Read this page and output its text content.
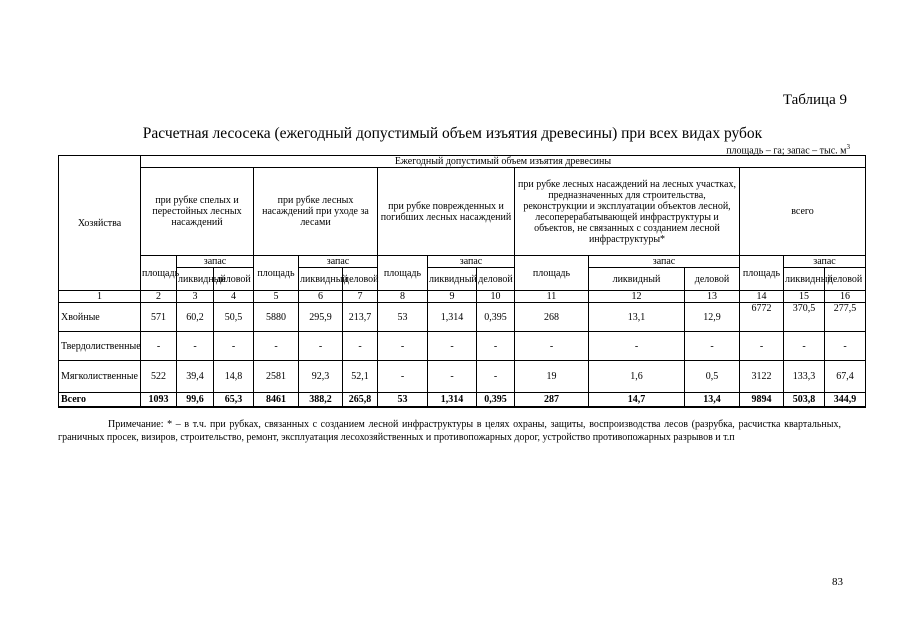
Таблица 9
Расчетная лесосека (ежегодный допустимый объем изъятия древесины) при всех видах рубок
площадь – га; запас – тыс. $м^3$
Хозяйства	Ежегодный допустимый объем изъятия древесины														
	при рубке спелых и перестойных лесных насаждений			при рубке лесных насаждений при уходе за лесами			при рубке поврежденных и погибших лесных насаждений			при рубке лесных насаждений на лесных участках, предназначенных для строительства, реконструкции и эксплуатации объектов лесной, лесоперерабатывающей инфраструктуры и объектов, не связанных с созданием лесной инфраструктуры*			всего		
	площадь	запас		площадь	запас		площадь	запас		площадь	запас		площадь	запас	
		ликвидный	деловой		ликвидный	деловой		ликвидный	деловой		ликвидный	деловой		ликвидный	деловой
1	2	3	4	5	6	7	8	9	10	11	12	13	14	15	16
Хвойные	571	60,2	50,5	5880	295,9	213,7	53	1,314	0,395	268	13,1	12,9	6772	370,5	277,5
Твердолиственные	-	-	-	-	-	-	-	-	-	-	-	-	-	-	-
Мягколиственные	522	39,4	14,8	2581	92,3	52,1	-	-	-	19	1,6	0,5	3122	133,3	67,4
Всего	1093	99,6	65,3	8461	388,2	265,8	53	1,314	0,395	287	14,7	13,4	9894	503,8	344,9

Примечание: * – в т.ч. при рубках, связанных с созданием лесной инфраструктуры в целях охраны, защиты, воспроизводства лесов (разрубка, расчистка квартальных, граничных просек, визиров, строительство, ремонт, эксплуатация лесохозяйственных и противопожарных дорог, устройство противопожарных разрывов и т.п

83
